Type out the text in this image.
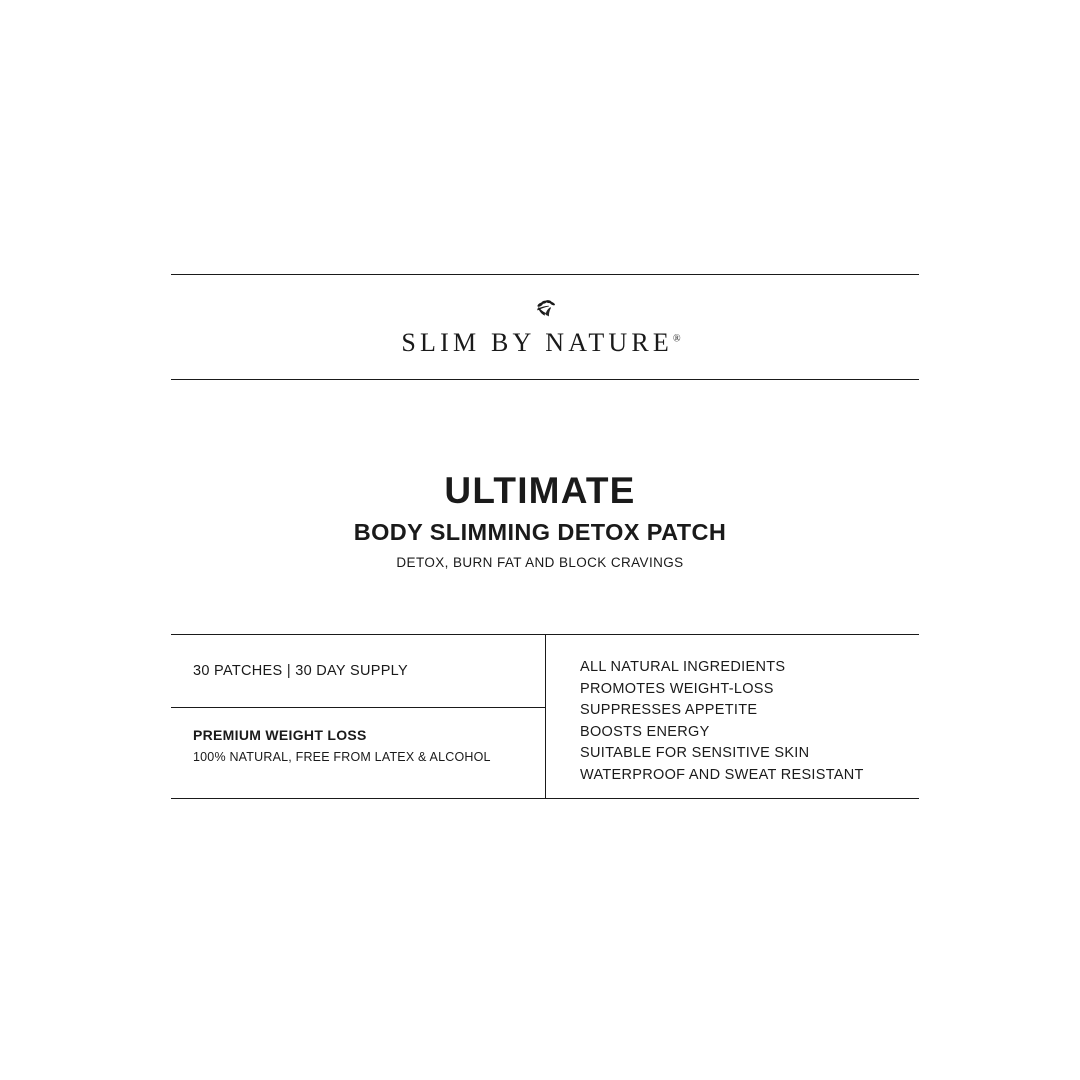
SLIM BY NATURE®
ULTIMATE
BODY SLIMMING DETOX PATCH
DETOX, BURN FAT AND BLOCK CRAVINGS
30 PATCHES | 30 DAY SUPPLY
PREMIUM WEIGHT LOSS
100% NATURAL, FREE FROM LATEX & ALCOHOL
ALL NATURAL INGREDIENTS
PROMOTES WEIGHT-LOSS
SUPPRESSES APPETITE
BOOSTS ENERGY
SUITABLE FOR SENSITIVE SKIN
WATERPROOF AND SWEAT RESISTANT
